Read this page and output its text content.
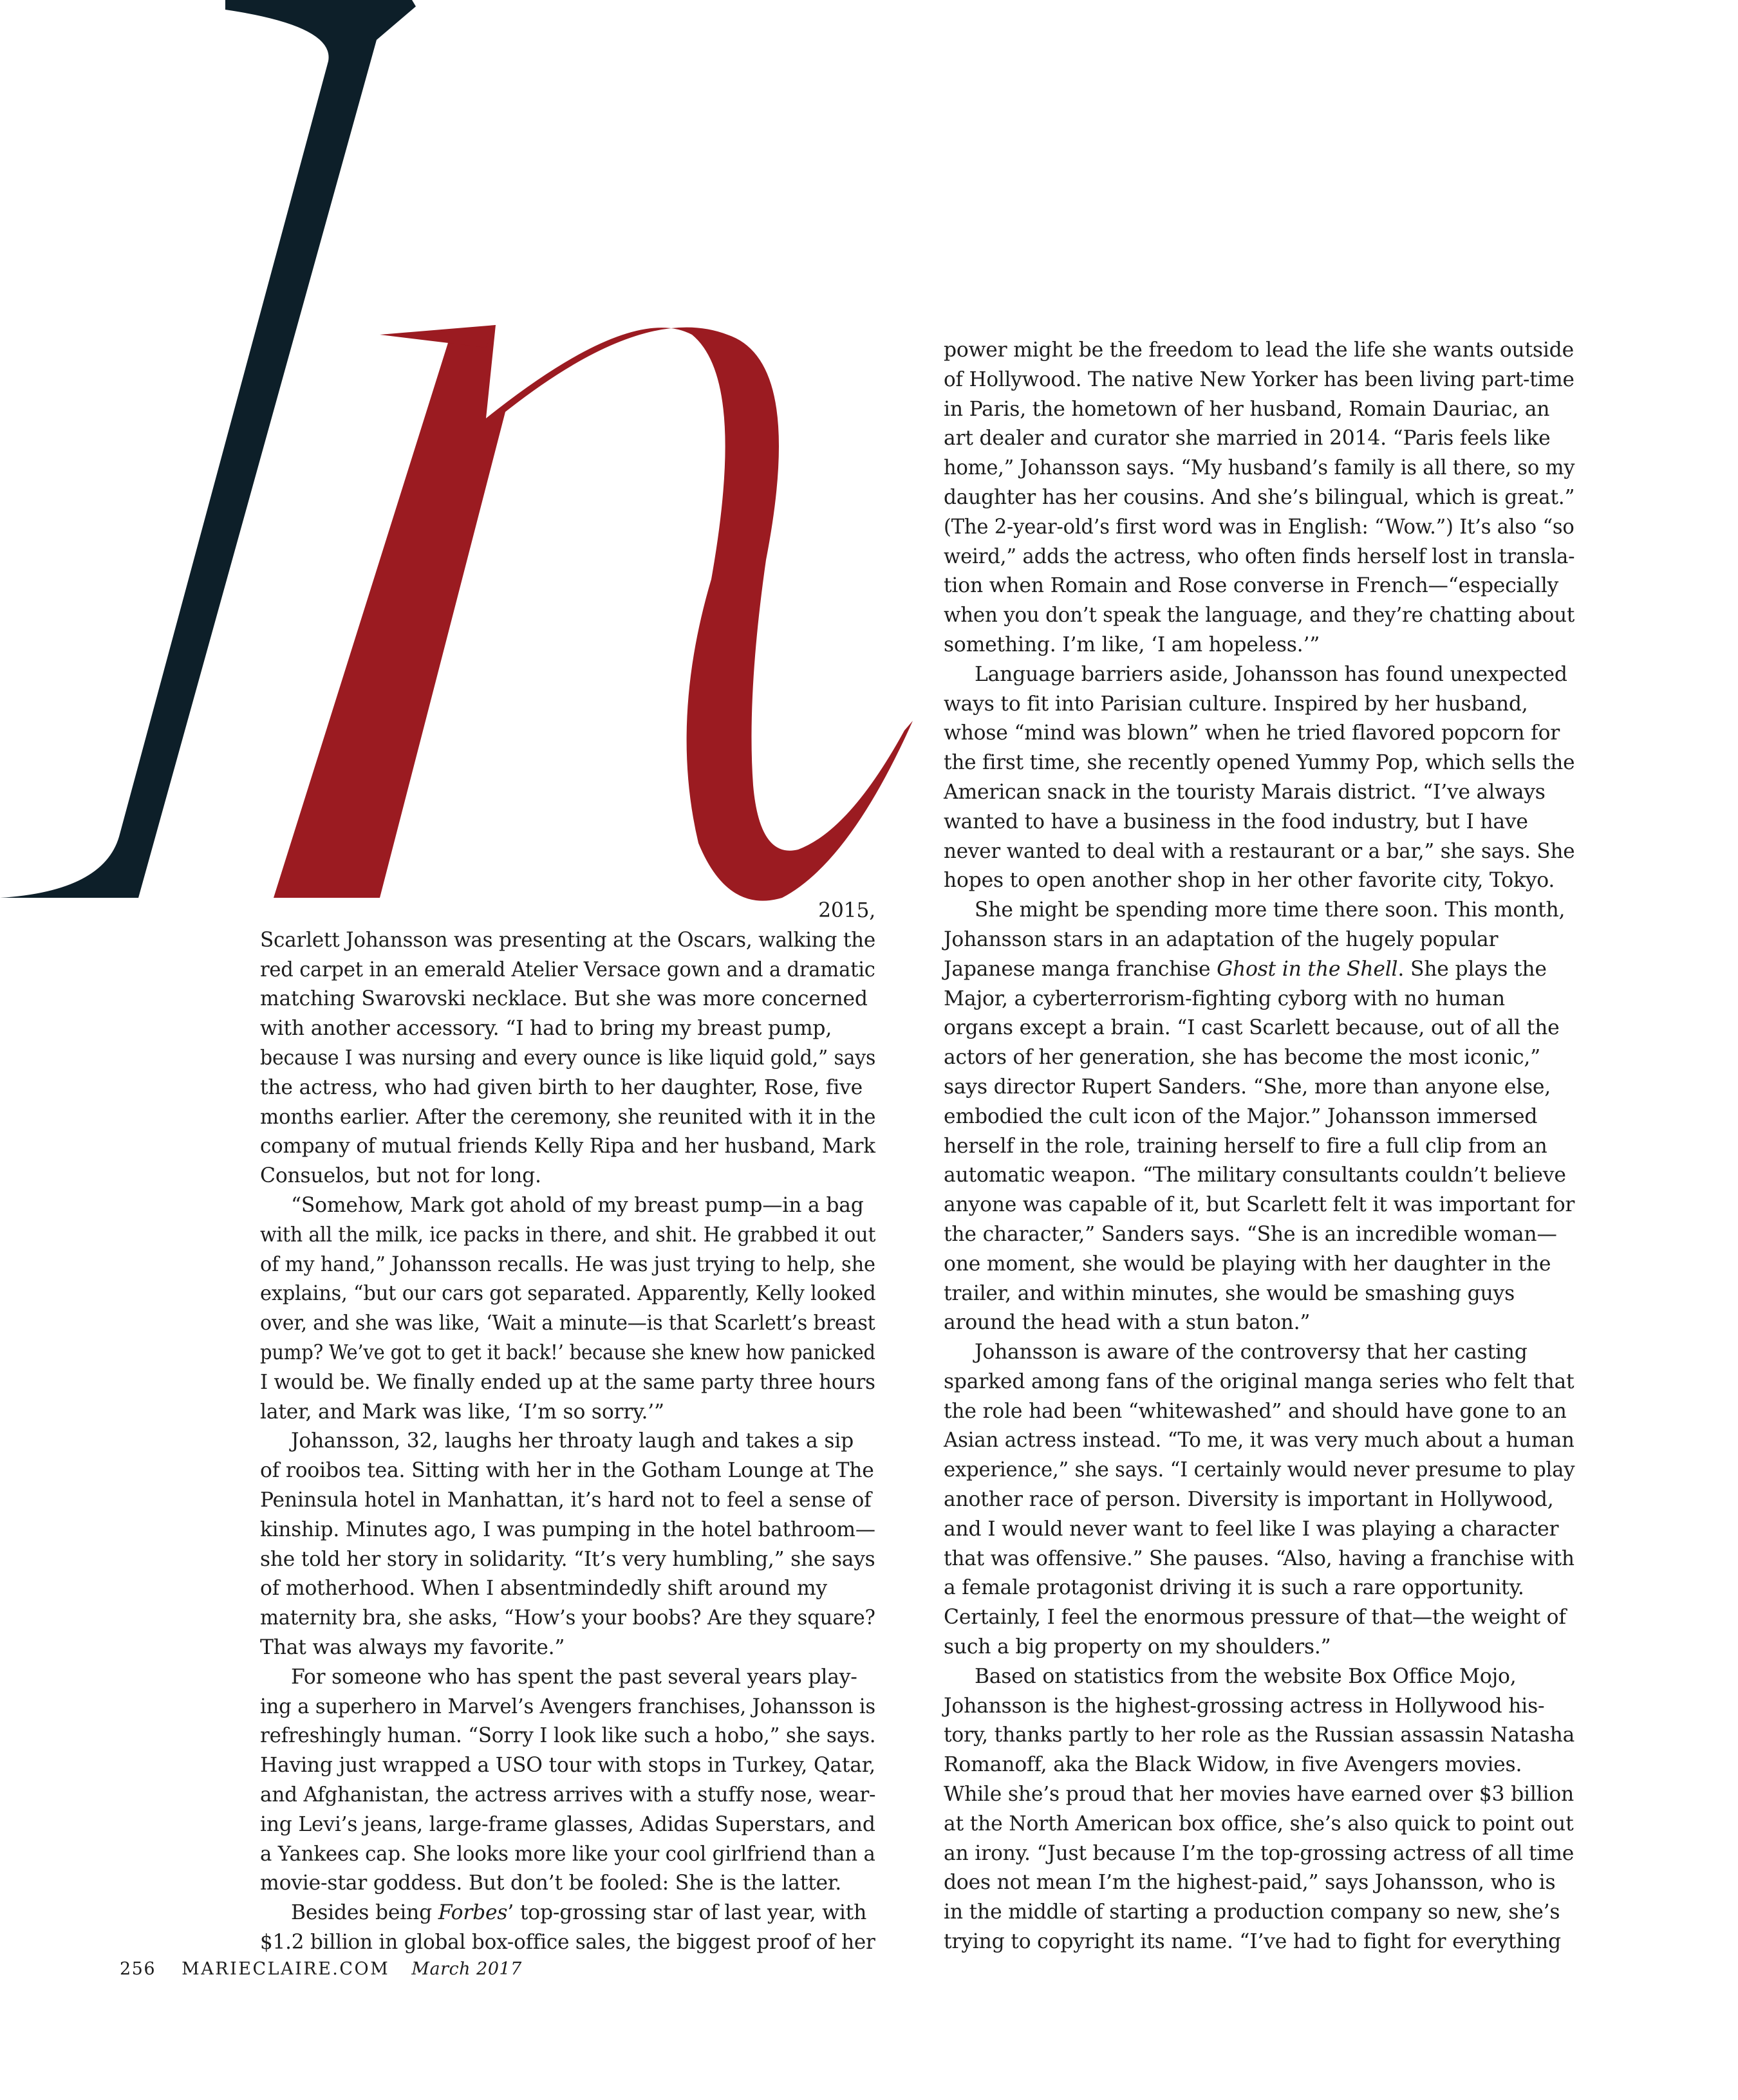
2015,

Scarlett Johansson was presenting at the Oscars, walking the

red carpet in an emerald Atelier Versace gown and a dramatic

matching Swarovski necklace. But she was more concerned

with another accessory. “I had to bring my breast pump,

because I was nursing and every ounce is like liquid gold,” says

the actress, who had given birth to her daughter, Rose, five

months earlier. After the ceremony, she reunited with it in the

company of mutual friends Kelly Ripa and her husband, Mark

Consuelos, but not for long.

“Somehow, Mark got ahold of my breast pump—in a bag

with all the milk, ice packs in there, and shit. He grabbed it out

of my hand,” Johansson recalls. He was just trying to help, she

explains, “but our cars got separated. Apparently, Kelly looked

over, and she was like, ‘Wait a minute—is that Scarlett’s breast

pump? We’ve got to get it back!’ because she knew how panicked

I would be. We finally ended up at the same party three hours

later, and Mark was like, ‘I’m so sorry.’”

Johansson, 32, laughs her throaty laugh and takes a sip

of rooibos tea. Sitting with her in the Gotham Lounge at The

Peninsula hotel in Manhattan, it’s hard not to feel a sense of

kinship. Minutes ago, I was pumping in the hotel bathroom—

she told her story in solidarity. “It’s very humbling,” she says

of motherhood. When I absentmindedly shift around my

maternity bra, she asks, “How’s your boobs? Are they square?

That was always my favorite.”

For someone who has spent the past several years play-

ing a superhero in Marvel’s Avengers franchises, Johansson is

refreshingly human. “Sorry I look like such a hobo,” she says.

Having just wrapped a USO tour with stops in Turkey, Qatar,

and Afghanistan, the actress arrives with a stuffy nose, wear-

ing Levi’s jeans, large-frame glasses, Adidas Superstars, and

a Yankees cap. She looks more like your cool girlfriend than a

movie-star goddess. But don’t be fooled: She is the latter.

Besides being Forbes’ top-grossing star of last year, with

$1.2 billion in global box-office sales, the biggest proof of her

power might be the freedom to lead the life she wants outside

of Hollywood. The native New Yorker has been living part-time

in Paris, the hometown of her husband, Romain Dauriac, an

art dealer and curator she married in 2014. “Paris feels like

home,” Johansson says. “My husband’s family is all there, so my

daughter has her cousins. And she’s bilingual, which is great.”

(The 2-year-old’s first word was in English: “Wow.”) It’s also “so

weird,” adds the actress, who often finds herself lost in transla-

tion when Romain and Rose converse in French—“especially

when you don’t speak the language, and they’re chatting about

something. I’m like, ‘I am hopeless.’”

Language barriers aside, Johansson has found unexpected

ways to fit into Parisian culture. Inspired by her husband,

whose “mind was blown” when he tried flavored popcorn for

the first time, she recently opened Yummy Pop, which sells the

American snack in the touristy Marais district. “I’ve always

wanted to have a business in the food industry, but I have

never wanted to deal with a restaurant or a bar,” she says. She

hopes to open another shop in her other favorite city, Tokyo.

She might be spending more time there soon. This month,

Johansson stars in an adaptation of the hugely popular

Japanese manga franchise Ghost in the Shell. She plays the

Major, a cyberterrorism-fighting cyborg with no human

organs except a brain. “I cast Scarlett because, out of all the

actors of her generation, she has become the most iconic,”

says director Rupert Sanders. “She, more than anyone else,

embodied the cult icon of the Major.” Johansson immersed

herself in the role, training herself to fire a full clip from an

automatic weapon. “The military consultants couldn’t believe

anyone was capable of it, but Scarlett felt it was important for

the character,” Sanders says. “She is an incredible woman—

one moment, she would be playing with her daughter in the

trailer, and within minutes, she would be smashing guys

around the head with a stun baton.”

Johansson is aware of the controversy that her casting

sparked among fans of the original manga series who felt that

the role had been “whitewashed” and should have gone to an

Asian actress instead. “To me, it was very much about a human

experience,” she says. “I certainly would never presume to play

another race of person. Diversity is important in Hollywood,

and I would never want to feel like I was playing a character

that was offensive.” She pauses. “Also, having a franchise with

a female protagonist driving it is such a rare opportunity.

Certainly, I feel the enormous pressure of that—the weight of

such a big property on my shoulders.”

Based on statistics from the website Box Office Mojo,

Johansson is the highest-grossing actress in Hollywood his-

tory, thanks partly to her role as the Russian assassin Natasha

Romanoff, aka the Black Widow, in five Avengers movies.

While she’s proud that her movies have earned over $3 billion

at the North American box office, she’s also quick to point out

an irony. “Just because I’m the top-grossing actress of all time

does not mean I’m the highest-paid,” says Johansson, who is

in the middle of starting a production company so new, she’s

trying to copyright its name. “I’ve had to fight for everything

256 MARIECLAIRE.COM March 2017
